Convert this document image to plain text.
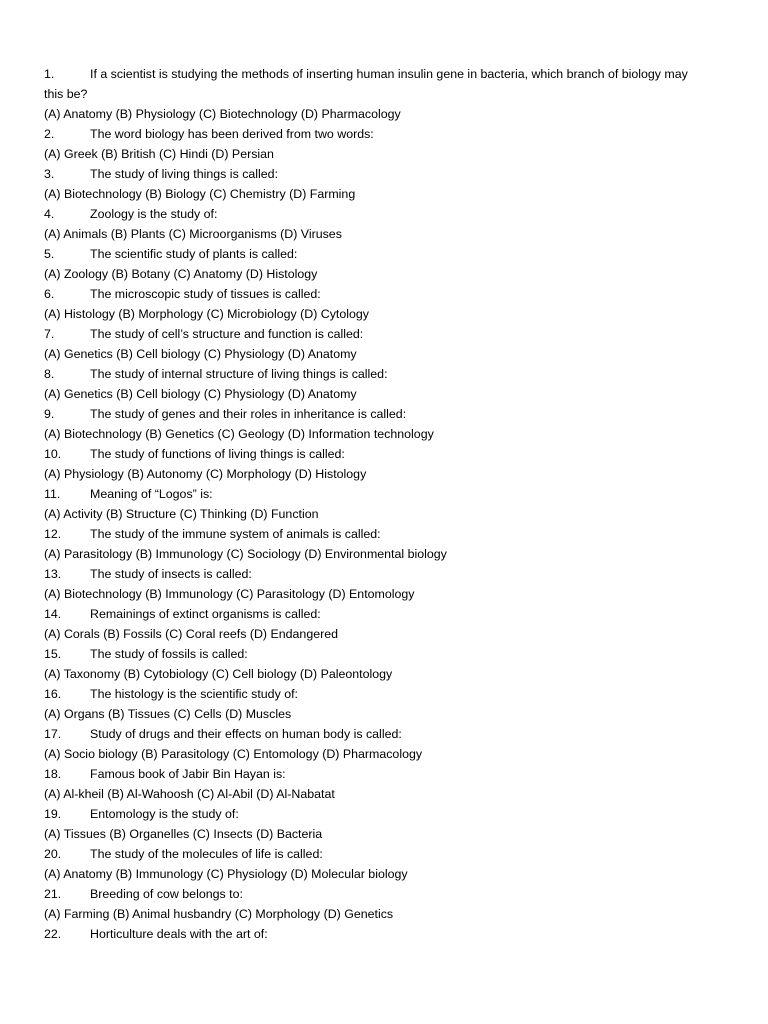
1.	If a scientist is studying the methods of inserting human insulin gene in bacteria, which branch of biology may
this be?
(A) Anatomy (B) Physiology (C) Biotechnology (D) Pharmacology
2.	The word biology has been derived from two words:
(A) Greek (B) British (C) Hindi (D) Persian
3.	The study of living things is called:
(A) Biotechnology (B) Biology (C) Chemistry (D) Farming
4.	Zoology is the study of:
(A) Animals (B) Plants (C) Microorganisms (D) Viruses
5.	The scientific study of plants is called:
(A) Zoology (B) Botany (C) Anatomy (D) Histology
6.	The microscopic study of tissues is called:
(A) Histology (B) Morphology (C) Microbiology (D) Cytology
7.	The study of cell’s structure and function is called:
(A) Genetics (B) Cell biology (C) Physiology (D) Anatomy
8.	The study of internal structure of living things is called:
(A) Genetics (B) Cell biology (C) Physiology (D) Anatomy
9.	The study of genes and their roles in inheritance is called:
(A) Biotechnology (B) Genetics (C) Geology (D) Information technology
10.	The study of functions of living things is called:
(A) Physiology (B) Autonomy (C) Morphology (D) Histology
11.	Meaning of “Logos” is:
(A) Activity (B) Structure (C) Thinking (D) Function
12.	The study of the immune system of animals is called:
(A) Parasitology (B) Immunology (C) Sociology (D) Environmental biology
13.	The study of insects is called:
(A) Biotechnology (B) Immunology (C) Parasitology (D) Entomology
14.	Remainings of extinct organisms is called:
(A) Corals (B) Fossils (C) Coral reefs (D) Endangered
15.	The study of fossils is called:
(A) Taxonomy (B) Cytobiology (C) Cell biology (D) Paleontology
16.	The histology is the scientific study of:
(A) Organs (B) Tissues (C) Cells (D) Muscles
17.	Study of drugs and their effects on human body is called:
(A) Socio biology (B) Parasitology (C) Entomology (D) Pharmacology
18.	Famous book of Jabir Bin Hayan is:
(A) Al-kheil (B) Al-Wahoosh (C) Al-Abil (D) Al-Nabatat
19.	Entomology is the study of:
(A) Tissues (B) Organelles (C) Insects (D) Bacteria
20.	The study of the molecules of life is called:
(A) Anatomy (B) Immunology (C) Physiology (D) Molecular biology
21.	Breeding of cow belongs to:
(A) Farming (B) Animal husbandry (C) Morphology (D) Genetics
22.	Horticulture deals with the art of:
